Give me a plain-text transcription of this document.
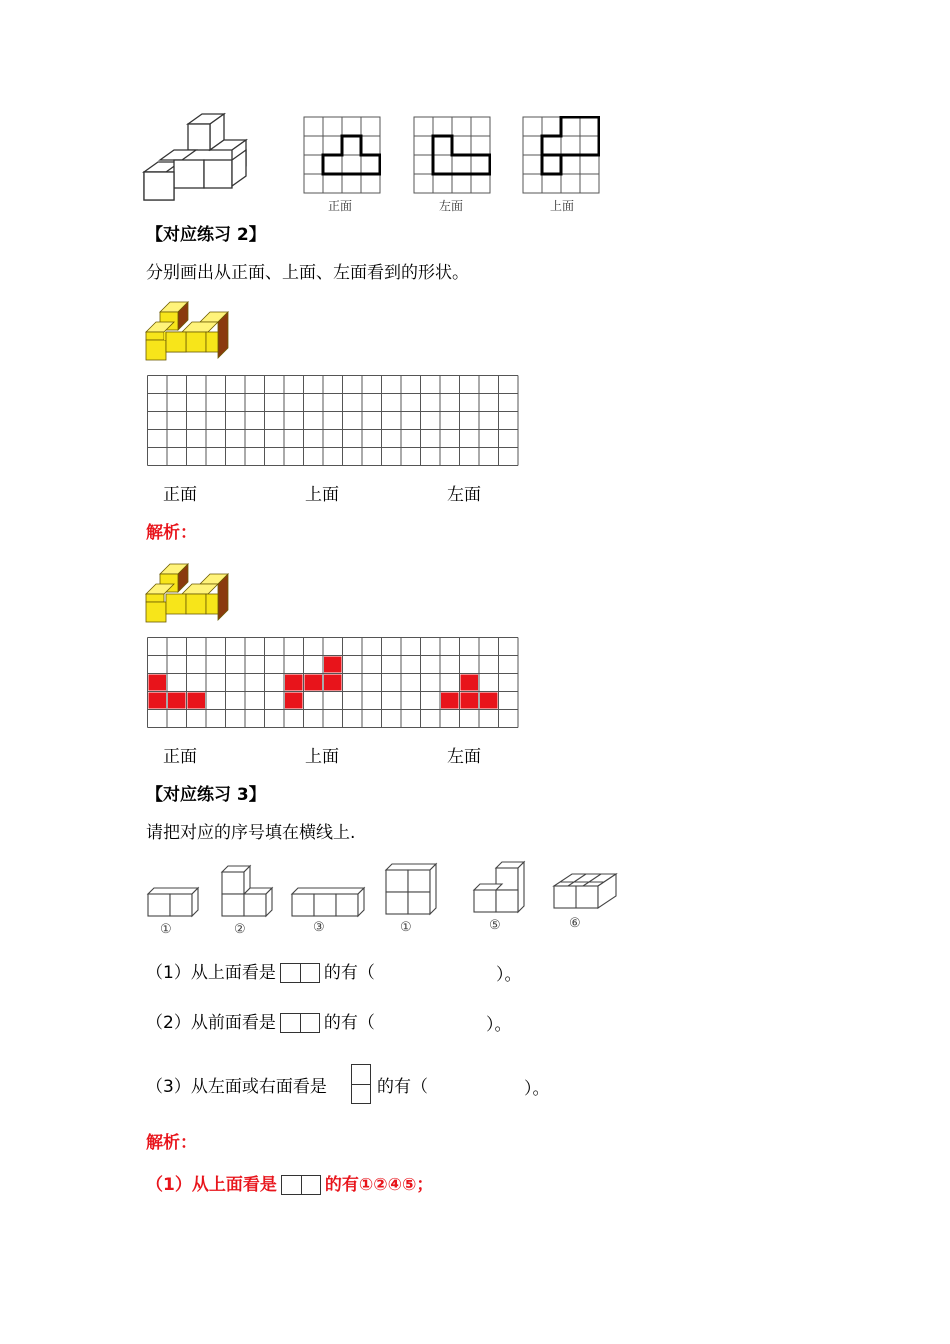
正面	左面	上面
【对应练习 2】
分别画出从正面、上面、左面看到的形状。
正面	上面	左面
解析：
正面	上面	左面
【对应练习 3】
请把对应的序号填在横线上.
①	②	③	①	⑤	⑥
（1）从上面看是	的有（	）。
（2）从前面看是	的有（	）。
（3）从左面或右面看是	的有（	）。
解析：
（1）从上面看是	的有①②④⑤；
